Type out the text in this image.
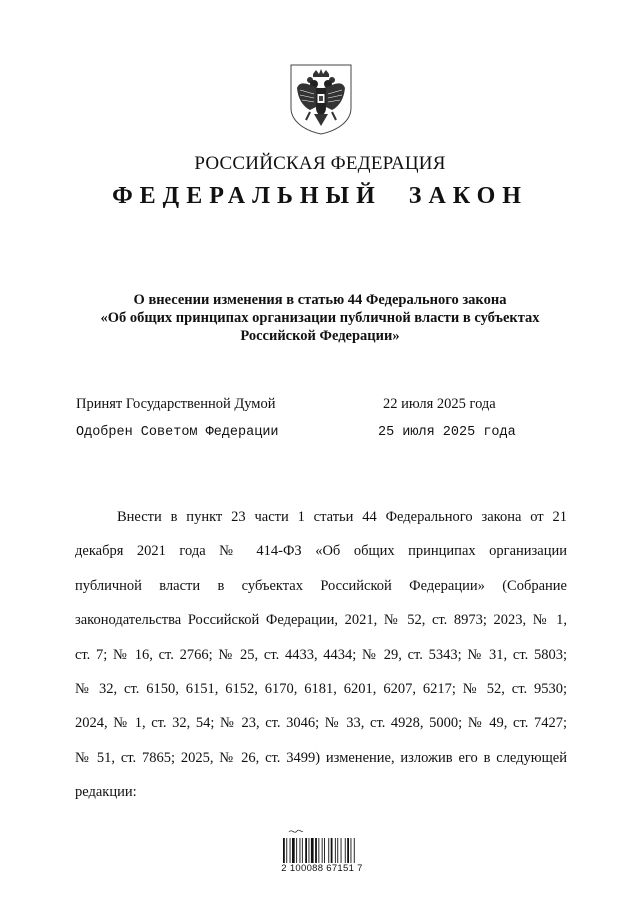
РОССИЙСКАЯ ФЕДЕРАЦИЯ
ФЕДЕРАЛЬНЫЙ ЗАКОН
О внесении изменения в статью 44 Федерального закона
«Об общих принципах организации публичной власти в субъектах
Российской Федерации»
Принят Государственной Думой	22 июля 2025 года
Одобрен Советом Федерации	25 июля 2025 года
Внести в пункт 23 части 1 статьи 44 Федерального закона от 21
декабря 2021 года № 414-ФЗ «Об общих принципах организации
публичной власти в субъектах Российской Федерации» (Собрание
законодательства Российской Федерации, 2021, № 52, ст. 8973; 2023, № 1,
ст. 7; № 16, ст. 2766; № 25, ст. 4433, 4434; № 29, ст. 5343; № 31, ст. 5803;
№ 32, ст. 6150, 6151, 6152, 6170, 6181, 6201, 6207, 6217; № 52, ст. 9530;
2024, № 1, ст. 32, 54; № 23, ст. 3046; № 33, ст. 4928, 5000; № 49, ст. 7427;
№ 51, ст. 7865; 2025, № 26, ст. 3499) изменение, изложив его в следующей
редакции:
2 100088 67151 7
